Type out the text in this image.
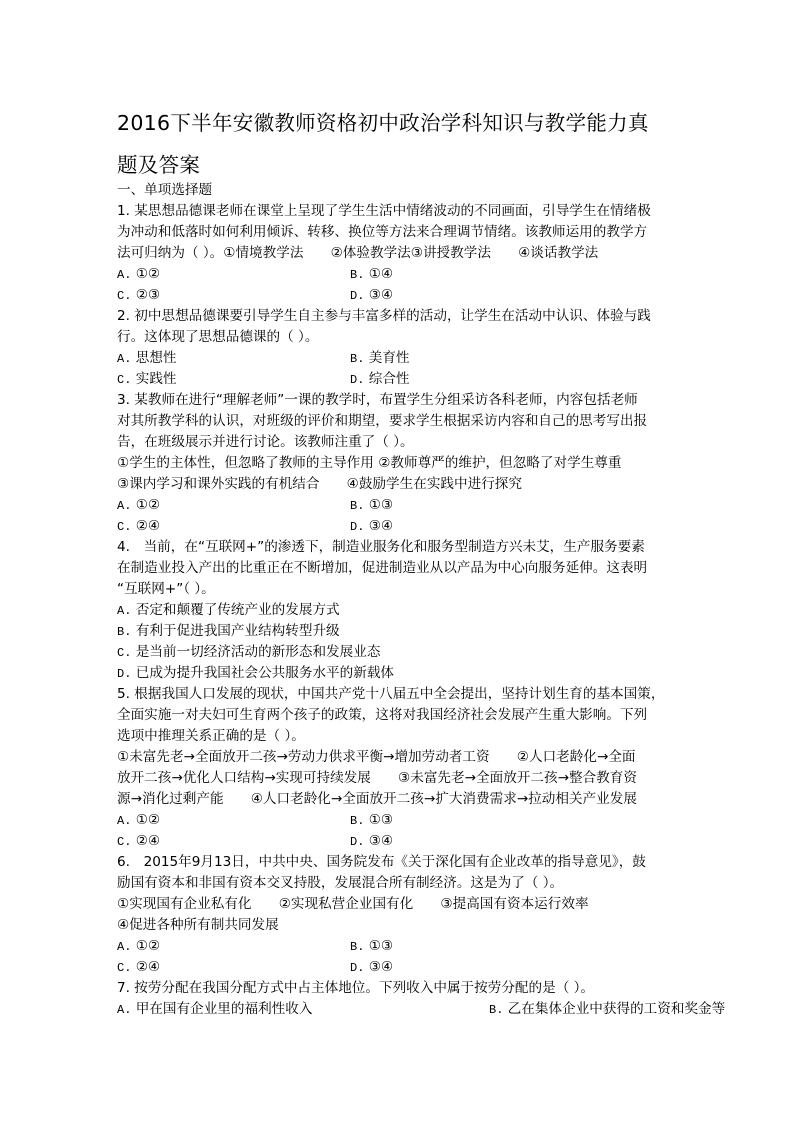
2016下半年安徽教师资格初中政治学科知识与教学能力真
题及答案
一、单项选择题
1. 某思想品德课老师在课堂上呈现了学生生活中情绪波动的不同画面，引导学生在情绪极
为冲动和低落时如何利用倾诉、转移、换位等方法来合理调节情绪。该教师运用的教学方
法可归纳为（ ）。①情境教学法　　②体验教学法③讲授教学法　　④谈话教学法
A. ①②	B. ①④
C. ②③	D. ③④
2. 初中思想品德课要引导学生自主参与丰富多样的活动，让学生在活动中认识、体验与践
行。这体现了思想品德课的（ ）。
A. 思想性	B. 美育性
C. 实践性	D. 综合性
3. 某教师在进行“理解老师”一课的教学时，布置学生分组采访各科老师，内容包括老师
对其所教学科的认识，对班级的评价和期望，要求学生根据采访内容和自己的思考写出报
告，在班级展示并进行讨论。该教师注重了（ ）。
①学生的主体性，但忽略了教师的主导作用 ②教师尊严的维护，但忽略了对学生尊重
③课内学习和课外实践的有机结合　　④鼓励学生在实践中进行探究
A. ①②	B. ①③
C. ②④	D. ③④
4.　当前，在“互联网+”的渗透下，制造业服务化和服务型制造方兴未艾，生产服务要素
在制造业投入产出的比重正在不断增加，促进制造业从以产品为中心向服务延伸。这表明
“互联网+”（ ）。
A. 否定和颠覆了传统产业的发展方式
B. 有利于促进我国产业结构转型升级
C. 是当前一切经济活动的新形态和发展业态
D. 已成为提升我国社会公共服务水平的新载体
5. 根据我国人口发展的现状，中国共产党十八届五中全会提出，坚持计划生育的基本国策，
全面实施一对夫妇可生育两个孩子的政策，这将对我国经济社会发展产生重大影响。下列
选项中推理关系正确的是（ ）。
①未富先老→全面放开二孩→劳动力供求平衡→增加劳动者工资　　②人口老龄化→全面
放开二孩→优化人口结构→实现可持续发展　　③未富先老→全面放开二孩→整合教育资
源→消化过剩产能　　④人口老龄化→全面放开二孩→扩大消费需求→拉动相关产业发展
A. ①②	B. ①③
C. ②④	D. ③④
6.　2015年9月13日，中共中央、国务院发布《关于深化国有企业改革的指导意见》，鼓
励国有资本和非国有资本交叉持股，发展混合所有制经济。这是为了（ ）。
①实现国有企业私有化　　②实现私营企业国有化　　③提高国有资本运行效率
④促进各种所有制共同发展
A. ①②	B. ①③
C. ②④	D. ③④
7. 按劳分配在我国分配方式中占主体地位。下列收入中属于按劳分配的是（ ）。
A. 甲在国有企业里的福利性收入	B. 乙在集体企业中获得的工资和奖金等
